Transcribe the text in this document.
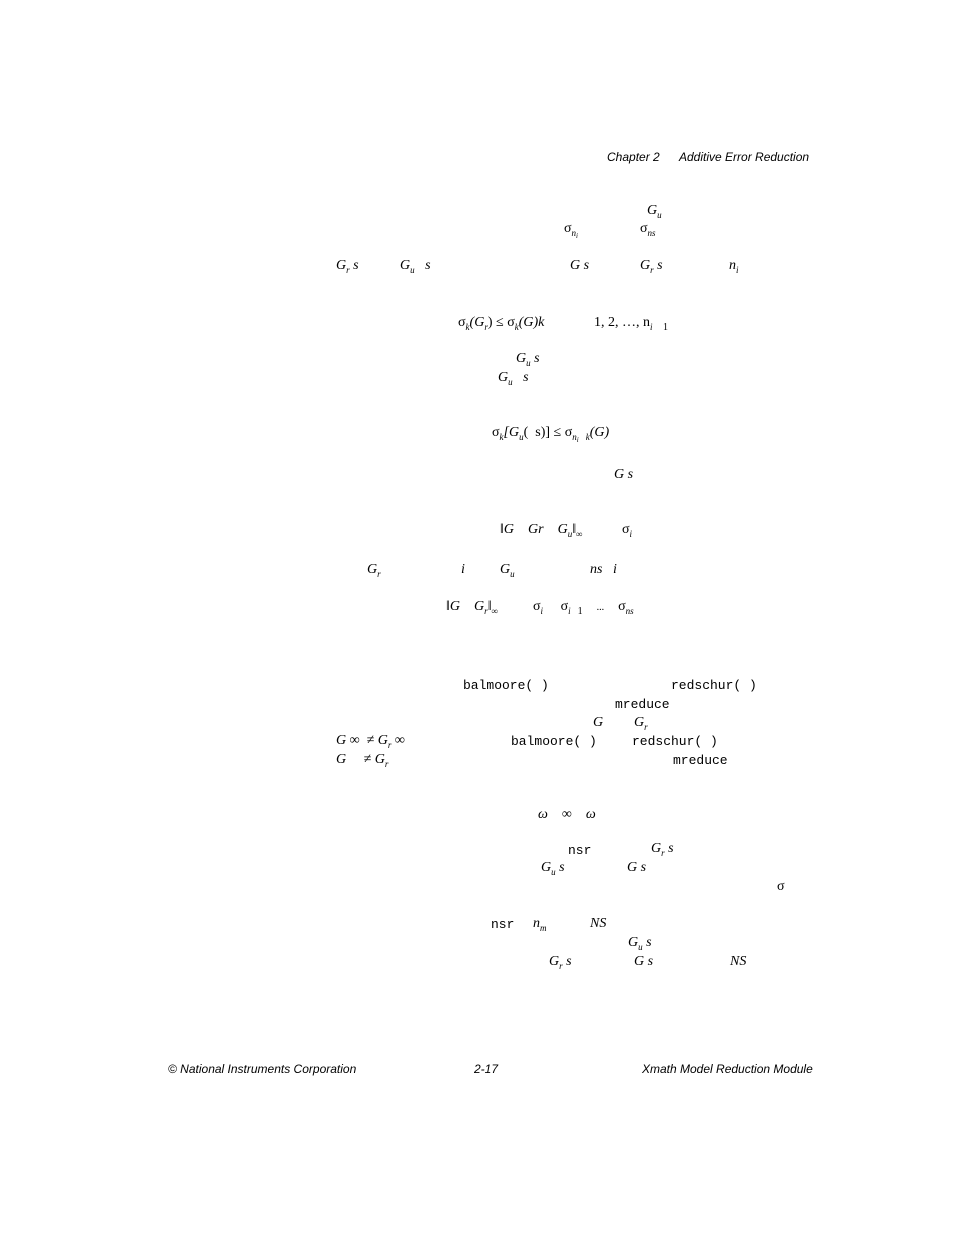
Chapter 2 Additive Error Reduction
$G_u$
$\sigma_{ni}$	$\sigma_{ns}$
$G_r$ s	$G_u$ s	G s	$G_r$ s	$n_i$
$\sigma_k(G_r) \le \sigma_k(G)k$	1, 2, …, $n_i$ $_1$
$G_u$ s
$G_u$ s
$\sigma_k[G_u$( $s)] \le \sigma_{ni}$ $_k$(G)
G s
‖G Gr $G_u‖_\infty$	$\sigma_i$
$G_r$	i	$G_u$	ns i
‖G $G_r‖_\infty$ $\sigma_i$ $\sigma_i$ $_1$ ... $\sigma_{ns}$
balmoore( )	redschur( )
mreduce
G $G_r$
G ∞ ≠ $G_r$ ∞	balmoore( )	redschur( )
$G \ne G_r$	mreduce
ω ∞ ω
nsr	$G_r$ s
$G_u$ s	G s
σ
nsr $n_m$	NS
$G_u$ s
$G_r$ s	G s	NS
© National Instruments Corporation	2-17	Xmath Model Reduction Module
